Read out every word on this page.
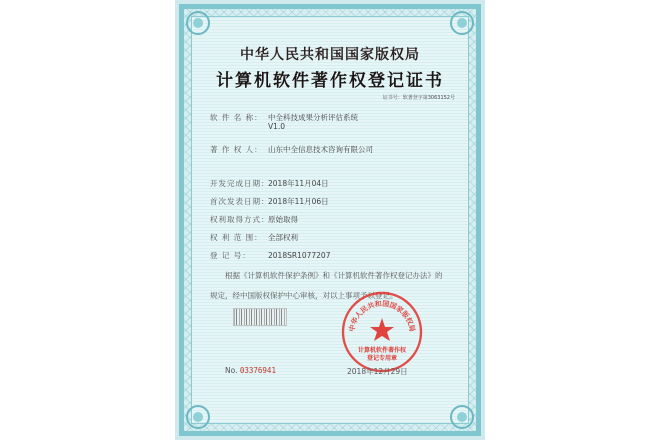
中华人民共和国国家版权局
计算机软件著作权登记证书
证书号：软著登字第3063152号
软 件 名 称： 中全科技成果分析评估系统
V1.0
著 作 权 人： 山东中全信息技术咨询有限公司
开发完成日期：2018年11月04日
首次发表日期：2018年11月06日
权利取得方式：原始取得
权 利 范 围： 全部权利
登 记 号： 2018SR1077207
根据《计算机软件保护条例》和《计算机软件著作权登记办法》的
规定，经中国版权保护中心审核，对以上事项予以登记。
中华人民共和国国家版权局
计算机软件著作权
登记专用章
No. 03376941	2018年12月29日
